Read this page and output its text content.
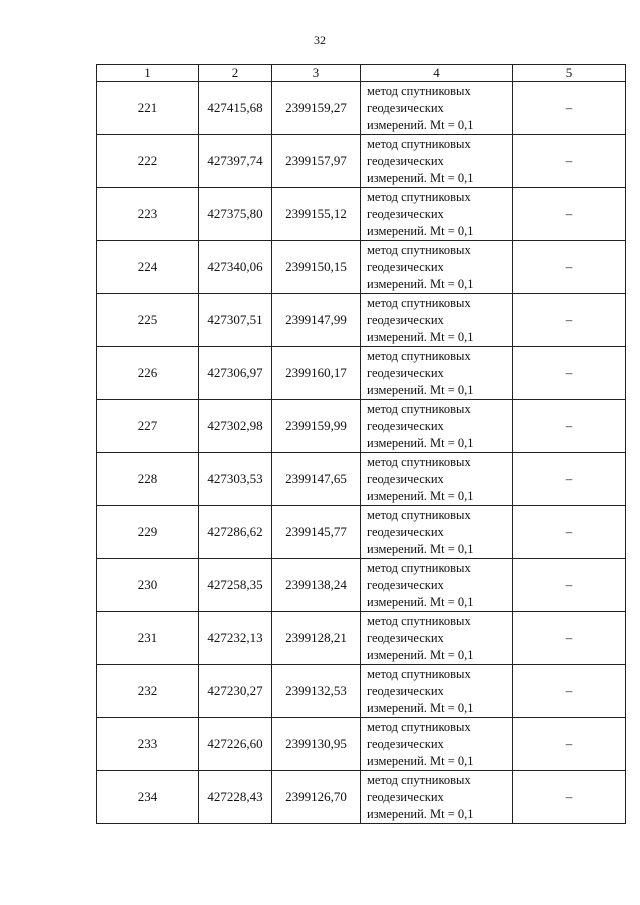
32
1	2	3	4	5
221	427415,68	2399159,27	метод спутниковых
геодезических
измерений. Mt = 0,1	–
222	427397,74	2399157,97	метод спутниковых
геодезических
измерений. Mt = 0,1	–
223	427375,80	2399155,12	метод спутниковых
геодезических
измерений. Mt = 0,1	–
224	427340,06	2399150,15	метод спутниковых
геодезических
измерений. Mt = 0,1	–
225	427307,51	2399147,99	метод спутниковых
геодезических
измерений. Mt = 0,1	–
226	427306,97	2399160,17	метод спутниковых
геодезических
измерений. Mt = 0,1	–
227	427302,98	2399159,99	метод спутниковых
геодезических
измерений. Mt = 0,1	–
228	427303,53	2399147,65	метод спутниковых
геодезических
измерений. Mt = 0,1	–
229	427286,62	2399145,77	метод спутниковых
геодезических
измерений. Mt = 0,1	–
230	427258,35	2399138,24	метод спутниковых
геодезических
измерений. Mt = 0,1	–
231	427232,13	2399128,21	метод спутниковых
геодезических
измерений. Mt = 0,1	–
232	427230,27	2399132,53	метод спутниковых
геодезических
измерений. Mt = 0,1	–
233	427226,60	2399130,95	метод спутниковых
геодезических
измерений. Mt = 0,1	–
234	427228,43	2399126,70	метод спутниковых
геодезических
измерений. Mt = 0,1	–
